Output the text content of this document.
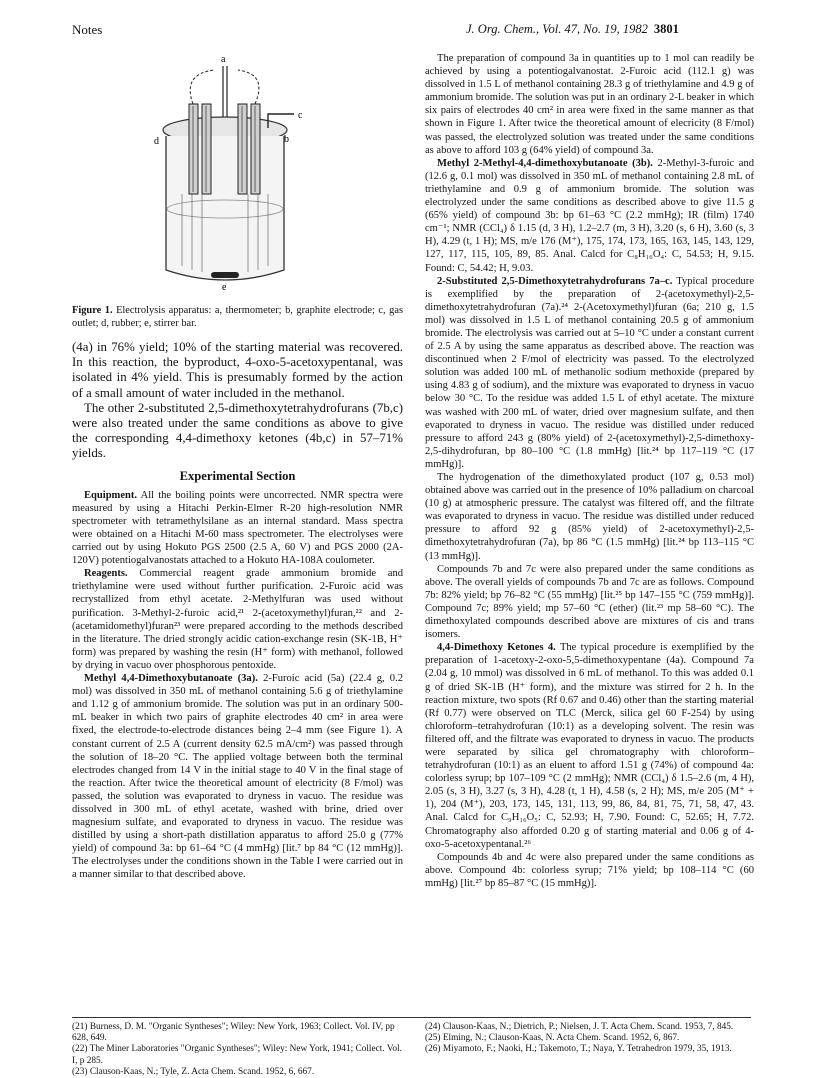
Notes	J. Org. Chem., Vol. 47, No. 19, 1982 3801
a
b
c
d
e

Figure 1. Electrolysis apparatus: a, thermometer; b, graphite electrode; c, gas outlet; d, rubber; e, stirrer bar.

(4a) in 76% yield; 10% of the starting material was recovered. In this reaction, the byproduct, 4-oxo-5-acetoxypentanal, was isolated in 4% yield. This is presumably formed by the action of a small amount of water included in the methanol.

The other 2-substituted 2,5-dimethoxytetrahydrofurans (7b,c) were also treated under the same conditions as above to give the corresponding 4,4-dimethoxy ketones (4b,c) in 57–71% yields.

Experimental Section

Equipment. All the boiling points were uncorrected. NMR spectra were measured by using a Hitachi Perkin-Elmer R-20 high-resolution NMR spectrometer with tetramethylsilane as an internal standard. Mass spectra were obtained on a Hitachi M-60 mass spectrometer. The electrolyses were carried out by using Hokuto PGS 2500 (2.5 A, 60 V) and PGS 2000 (2A-120V) potentiogalvanostats attached to a Hokuto HA-108A coulometer.

Reagents. Commercial reagent grade ammonium bromide and triethylamine were used without further purification. 2-Furoic acid was recrystallized from ethyl acetate. 2-Methylfuran was used without purification. 3-Methyl-2-furoic acid,²¹ 2-(acetoxymethyl)furan,²² and 2-(acetamidomethyl)furan²³ were prepared according to the methods described in the literature. The dried strongly acidic cation-exchange resin (SK-1B, H⁺ form) was prepared by washing the resin (H⁺ form) with methanol, followed by drying in vacuo over phosphorous pentoxide.

Methyl 4,4-Dimethoxybutanoate (3a). 2-Furoic acid (5a) (22.4 g, 0.2 mol) was dissolved in 350 mL of methanol containing 5.6 g of triethylamine and 1.12 g of ammonium bromide. The solution was put in an ordinary 500-mL beaker in which two pairs of graphite electrodes 40 cm² in area were fixed, the electrode-to-electrode distances being 2–4 mm (see Figure 1). A constant current of 2.5 A (current density 62.5 mA/cm²) was passed through the solution of 18–20 °C. The applied voltage between both the terminal electrodes changed from 14 V in the initial stage to 40 V in the final stage of the reaction. After twice the theoretical amount of electricity (8 F/mol) was passed, the solution was evaporated to dryness in vacuo. The residue was dissolved in 300 mL of ethyl acetate, washed with brine, dried over magnesium sulfate, and evaporated to dryness in vacuo. The residue was distilled by using a short-path distillation apparatus to afford 25.0 g (77% yield) of compound 3a: bp 61–64 °C (4 mmHg) [lit.⁷ bp 84 °C (12 mmHg)]. The electrolyses under the conditions shown in the Table I were carried out in a manner similar to that described above.

The preparation of compound 3a in quantities up to 1 mol can readily be achieved by using a potentiogalvanostat. 2-Furoic acid (112.1 g) was dissolved in 1.5 L of methanol containing 28.3 g of triethylamine and 4.9 g of ammonium bromide. The solution was put in an ordinary 2-L beaker in which six pairs of electrodes 40 cm² in area were fixed in the same manner as that shown in Figure 1. After twice the theoretical amount of elecricity (8 F/mol) was passed, the electrolyzed solution was treated under the same conditions as above to afford 103 g (64% yield) of compound 3a.

Methyl 2-Methyl-4,4-dimethoxybutanoate (3b). 2-Methyl-3-furoic and (12.6 g, 0.1 mol) was dissolved in 350 mL of methanol containing 2.8 mL of triethylamine and 0.9 g of ammonium bromide. The solution was electrolyzed under the same conditions as described above to give 11.5 g (65% yield) of compound 3b: bp 61–63 °C (2.2 mmHg); IR (film) 1740 cm⁻¹; NMR (CCl₄) δ 1.15 (d, 3 H), 1.2–2.7 (m, 3 H), 3.20 (s, 6 H), 3.60 (s, 3 H), 4.29 (t, 1 H); MS, m/e 176 (M⁺), 175, 174, 173, 165, 163, 145, 143, 129, 127, 117, 115, 105, 89, 85. Anal. Calcd for C₈H₁₆O₄: C, 54.53; H, 9.15. Found: C, 54.42; H, 9.03.

2-Substituted 2,5-Dimethoxytetrahydrofurans 7a–c. Typical procedure is exemplified by the preparation of 2-(acetoxymethyl)-2,5-dimethoxytetrahydrofuran (7a).²⁴ 2-(Acetoxymethyl)furan (6a; 210 g, 1.5 mol) was dissolved in 1.5 L of methanol containing 20.5 g of ammonium bromide. The electrolysis was carried out at 5–10 °C under a constant current of 2.5 A by using the same apparatus as described above. The reaction was discontinued when 2 F/mol of electricity was passed. To the electrolyzed solution was added 100 mL of methanolic sodium methoxide (prepared by using 4.83 g of sodium), and the mixture was evaporated to dryness in vacuo below 30 °C. To the residue was added 1.5 L of ethyl acetate. The mixture was washed with 200 mL of water, dried over magnesium sulfate, and then evaporated to dryness in vacuo. The residue was distilled under reduced pressure to afford 243 g (80% yield) of 2-(acetoxymethyl)-2,5-dimethoxy-2,5-dihydrofuran, bp 80–100 °C (1.8 mmHg) [lit.²⁴ bp 117–119 °C (17 mmHg)].

The hydrogenation of the dimethoxylated product (107 g, 0.53 mol) obtained above was carried out in the presence of 10% palladium on charcoal (10 g) at atmospheric pressure. The catalyst was filtered off, and the filtrate was evaporated to dryness in vacuo. The residue was distilled under reduced pressure to afford 92 g (85% yield) of 2-acetoxymethyl)-2,5-dimethoxytetrahydrofuran (7a), bp 86 °C (1.5 mmHg) [lit.²⁴ bp 113–115 °C (13 mmHg)].

Compounds 7b and 7c were also prepared under the same conditions as above. The overall yields of compounds 7b and 7c are as follows. Compound 7b: 82% yield; bp 76–82 °C (55 mmHg) [lit.²⁵ bp 147–155 °C (759 mmHg)]. Compound 7c; 89% yield; mp 57–60 °C (ether) (lit.²³ mp 58–60 °C). The dimethoxylated compounds described above are mixtures of cis and trans isomers.

4,4-Dimethoxy Ketones 4. The typical procedure is exemplified by the preparation of 1-acetoxy-2-oxo-5,5-dimethoxypentane (4a). Compound 7a (2.04 g, 10 mmol) was dissolved in 6 mL of methanol. To this was added 0.1 g of dried SK-1B (H⁺ form), and the mixture was stirred for 2 h. In the reaction mixture, two spots (Rf 0.67 and 0.46) other than the starting material (Rf 0.77) were observed on TLC (Merck, silica gel 60 F-254) by using chloroform–tetrahydrofuran (10:1) as a developing solvent. The resin was filtered off, and the filtrate was evaporated to dryness in vacuo. The products were separated by silica gel chromatography with chloroform–tetrahydrofuran (10:1) as an eluent to afford 1.51 g (74%) of compound 4a: colorless syrup; bp 107–109 °C (2 mmHg); NMR (CCl₄) δ 1.5–2.6 (m, 4 H), 2.05 (s, 3 H), 3.27 (s, 3 H), 4.28 (t, 1 H), 4.58 (s, 2 H); MS, m/e 205 (M⁺ + 1), 204 (M⁺), 203, 173, 145, 131, 113, 99, 86, 84, 81, 75, 71, 58, 47, 43. Anal. Calcd for C₉H₁₆O₅: C, 52.93; H, 7.90. Found: C, 52.65; H, 7.72. Chromatography also afforded 0.20 g of starting material and 0.06 g of 4-oxo-5-acetoxypentanal.²⁶

Compounds 4b and 4c were also prepared under the same conditions as above. Compound 4b: colorless syrup; 71% yield; bp 108–114 °C (60 mmHg) [lit.²⁷ bp 85–87 °C (15 mmHg)].

(21) Burness, D. M. "Organic Syntheses"; Wiley: New York, 1963; Collect. Vol. IV, pp 628, 649.
(22) The Miner Laboratories "Organic Syntheses"; Wiley: New York, 1941; Collect. Vol. I, p 285.
(23) Clauson-Kaas, N.; Tyle, Z. Acta Chem. Scand. 1952, 6, 667.
(24) Clauson-Kaas, N.; Dietrich, P.; Nielsen, J. T. Acta Chem. Scand. 1953, 7, 845.
(25) Elming, N.; Clauson-Kaas, N. Acta Chem. Scand. 1952, 6, 867.
(26) Miyamoto, F.; Naoki, H.; Takemoto, T.; Naya, Y. Tetrahedron 1979, 35, 1913.
